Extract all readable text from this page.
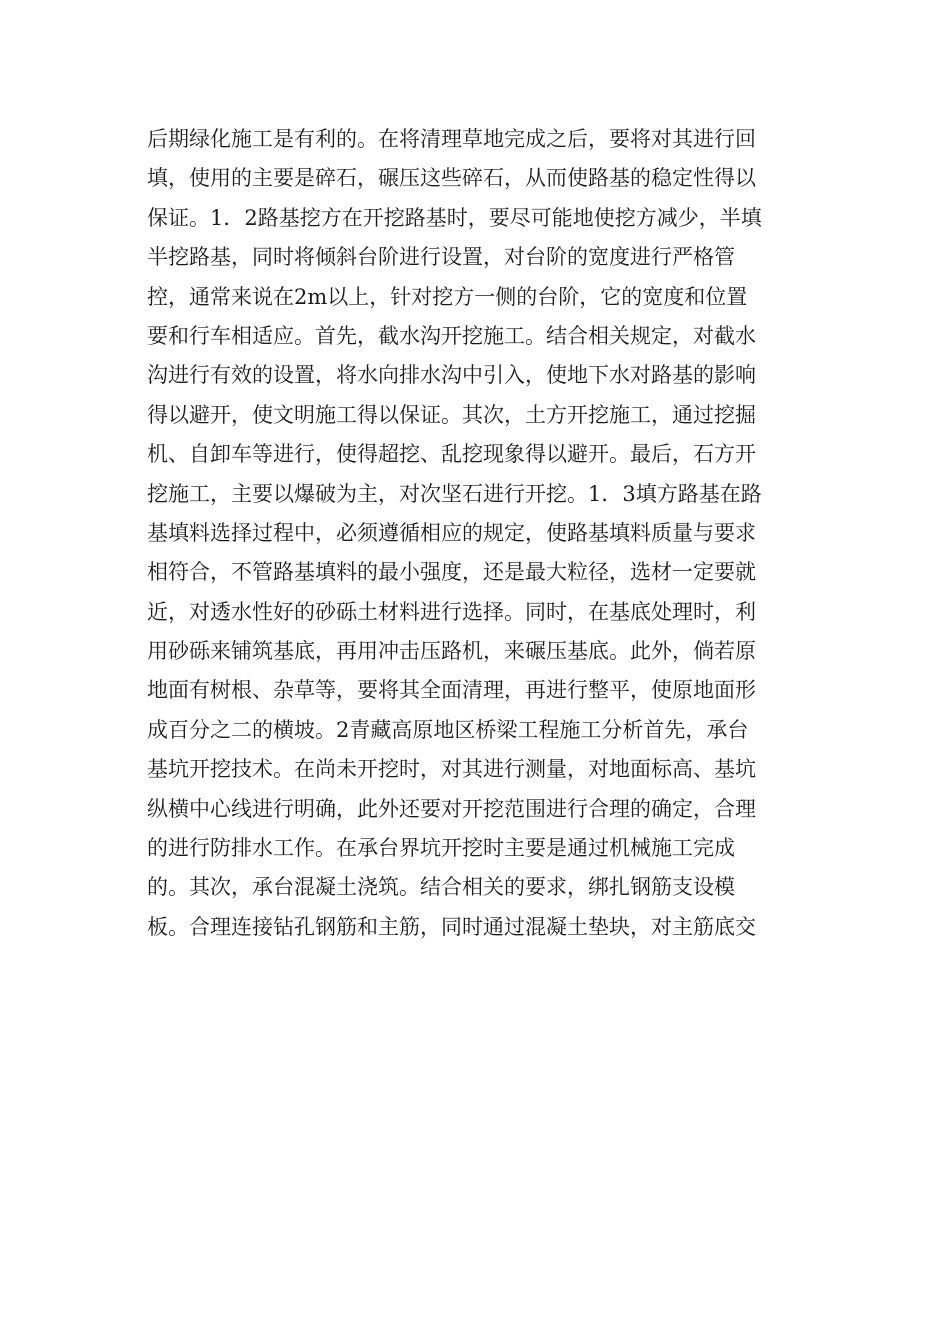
后期绿化施工是有利的。在将清理草地完成之后，要将对其进行回
填，使用的主要是碎石，碾压这些碎石，从而使路基的稳定性得以
保证。1．2路基挖方在开挖路基时，要尽可能地使挖方减少，半填
半挖路基，同时将倾斜台阶进行设置，对台阶的宽度进行严格管
控，通常来说在2m以上，针对挖方一侧的台阶，它的宽度和位置
要和行车相适应。首先，截水沟开挖施工。结合相关规定，对截水
沟进行有效的设置，将水向排水沟中引入，使地下水对路基的影响
得以避开，使文明施工得以保证。其次，土方开挖施工，通过挖掘
机、自卸车等进行，使得超挖、乱挖现象得以避开。最后，石方开
挖施工，主要以爆破为主，对次坚石进行开挖。1．3填方路基在路
基填料选择过程中，必须遵循相应的规定，使路基填料质量与要求
相符合，不管路基填料的最小强度，还是最大粒径，选材一定要就
近，对透水性好的砂砾土材料进行选择。同时，在基底处理时，利
用砂砾来铺筑基底，再用冲击压路机，来碾压基底。此外，倘若原
地面有树根、杂草等，要将其全面清理，再进行整平，使原地面形
成百分之二的横坡。2青藏高原地区桥梁工程施工分析首先，承台
基坑开挖技术。在尚未开挖时，对其进行测量，对地面标高、基坑
纵横中心线进行明确，此外还要对开挖范围进行合理的确定，合理
的进行防排水工作。在承台界坑开挖时主要是通过机械施工完成
的。其次，承台混凝土浇筑。结合相关的要求，绑扎钢筋支设模
板。合理连接钻孔钢筋和主筋，同时通过混凝土垫块，对主筋底交
